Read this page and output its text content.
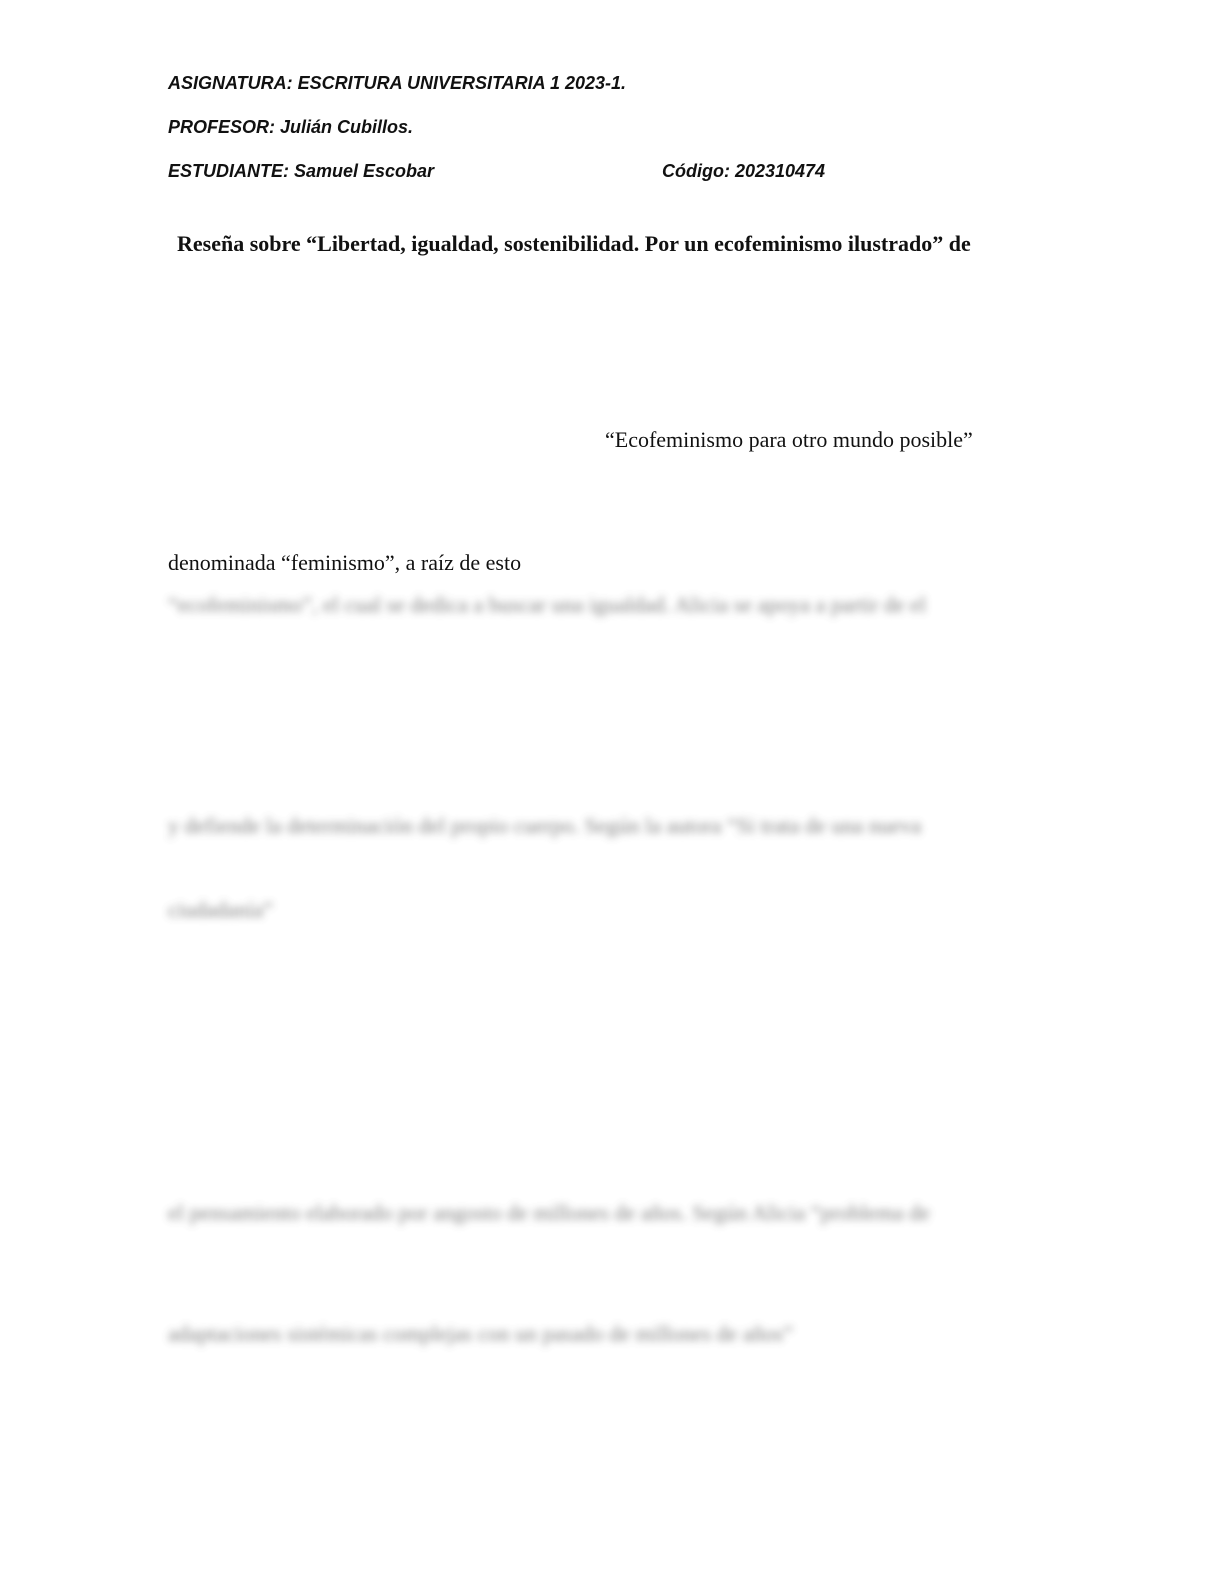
ASIGNATURA: ESCRITURA UNIVERSITARIA 1 2023-1.
PROFESOR: Julián Cubillos.
ESTUDIANTE: Samuel Escobar	Código: 202310474
Reseña sobre “Libertad, igualdad, sostenibilidad. Por un ecofeminismo ilustrado” de
“Ecofeminismo para otro mundo posible”
denominada “feminismo”, a raíz de esto
“ecofeminismo”, el cual se dedica a buscar una igualdad. Alicia se apoya a partir de el
y defiende la determinación del propio cuerpo. Según la autora “Si trata de una nueva
ciudadanía”
el pensamiento elaborado por angosto de millones de años. Según Alicia “problema de
adaptaciones sistémicas complejas con un pasado de millones de años”
